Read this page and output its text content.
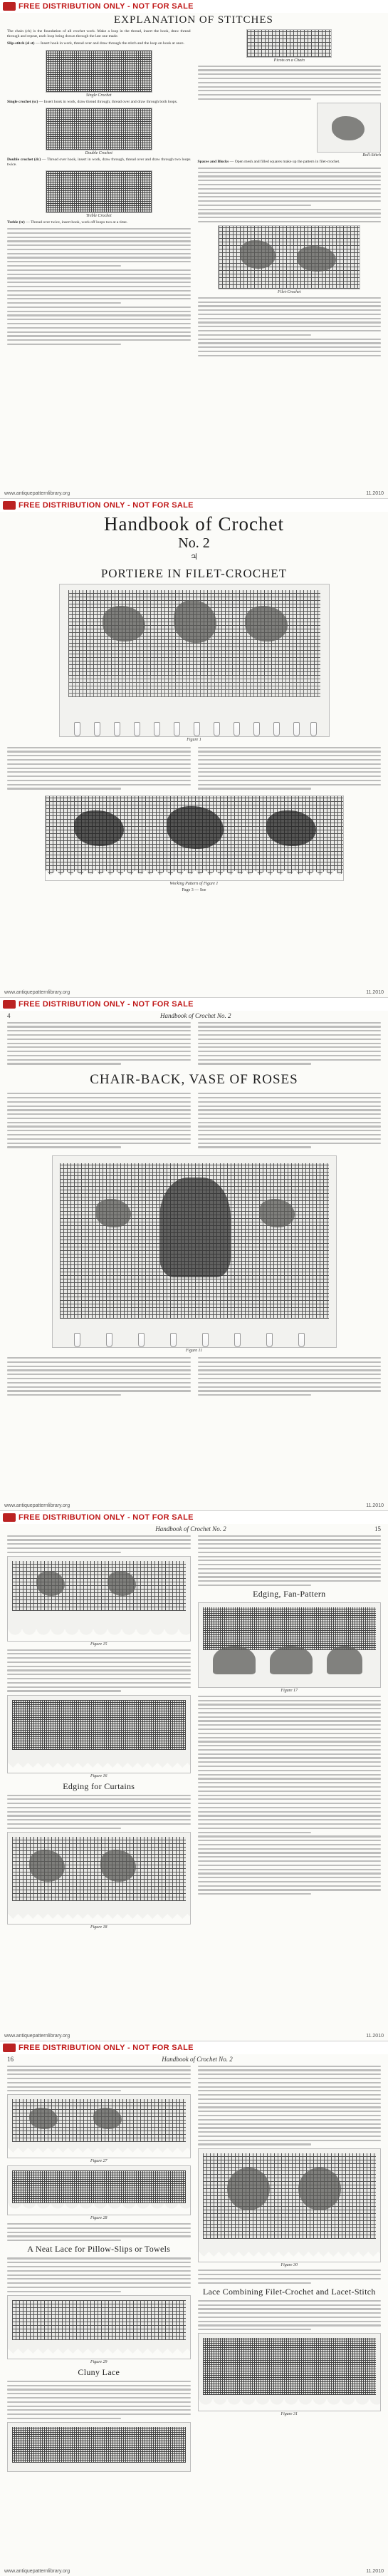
FREE DISTRIBUTION ONLY - NOT FOR SALE
EXPLANATION OF STITCHES

The chain (ch) is the foundation of all crochet work. Make a loop in the thread, insert the hook, draw thread through and repeat, each loop being drawn through the last one made.

Slip-stitch (sl st) — Insert hook in work, thread over and draw through the stitch and the loop on hook at once.

Single Crochet

Single crochet (sc) — Insert hook in work, draw thread through; thread over and draw through both loops.

Double Crochet

Double crochet (dc) — Thread over hook, insert in work, draw through, thread over and draw through two loops twice.

Treble Crochet

Treble (tr) — Thread over twice, insert hook, work off loops two at a time.

Picots on a Chain
Roll-Stitch

Spaces and Blocks — Open mesh and filled squares make up the pattern in filet-crochet.

Filet-Crochet
www.antiquepatternlibrary.org	11.2010
FREE DISTRIBUTION ONLY - NOT FOR SALE
Handbook of Crochet
No. 2

♃

PORTIERE IN FILET-CROCHET
Figure 1
Working Pattern of Figure 1
Page 3 — See
www.antiquepatternlibrary.org	11.2010
FREE DISTRIBUTION ONLY - NOT FOR SALE
4	Handbook of Crochet No. 2
CHAIR-BACK, VASE OF ROSES
Figure 11
www.antiquepatternlibrary.org	11.2010
FREE DISTRIBUTION ONLY - NOT FOR SALE
Handbook of Crochet No. 2	15
Figure 15
Figure 16
Edging for Curtains
Figure 18
Edging, Fan-Pattern
Figure 17
www.antiquepatternlibrary.org	11.2010
FREE DISTRIBUTION ONLY - NOT FOR SALE
16	Handbook of Crochet No. 2
Figure 27
Figure 28
A Neat Lace for Pillow-Slips or Towels
Figure 29
Cluny Lace
Figure 30
Lace Combining Filet-Crochet and Lacet-Stitch
Figure 31
www.antiquepatternlibrary.org	11.2010
